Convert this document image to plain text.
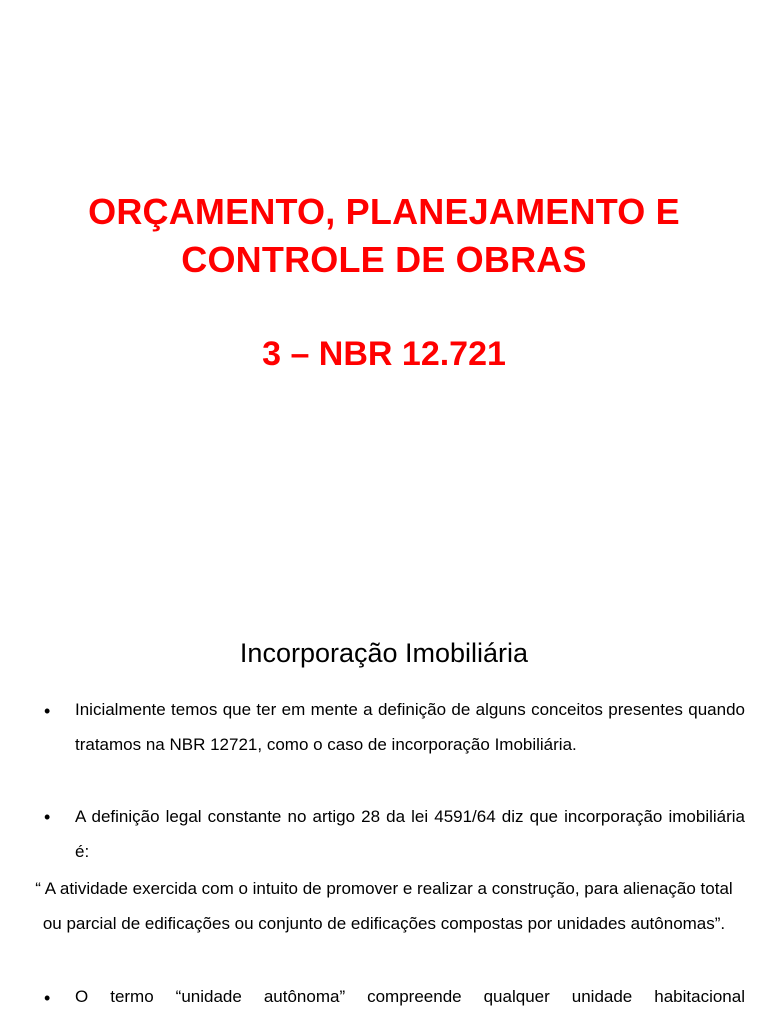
ORÇAMENTO, PLANEJAMENTO E
CONTROLE DE OBRAS
3 – NBR 12.721
Incorporação Imobiliária
• Inicialmente temos que ter em mente a definição de alguns conceitos presentes quando tratamos na NBR 12721, como o caso de incorporação Imobiliária.

• A definição legal constante no artigo 28 da lei 4591/64 diz que incorporação imobiliária é:

“ A atividade exercida com o intuito de promover e realizar a construção, para alienação total ou parcial de edificações ou conjunto de edificações compostas por unidades autônomas”.

• O termo “unidade autônoma” compreende qualquer unidade habitacional
